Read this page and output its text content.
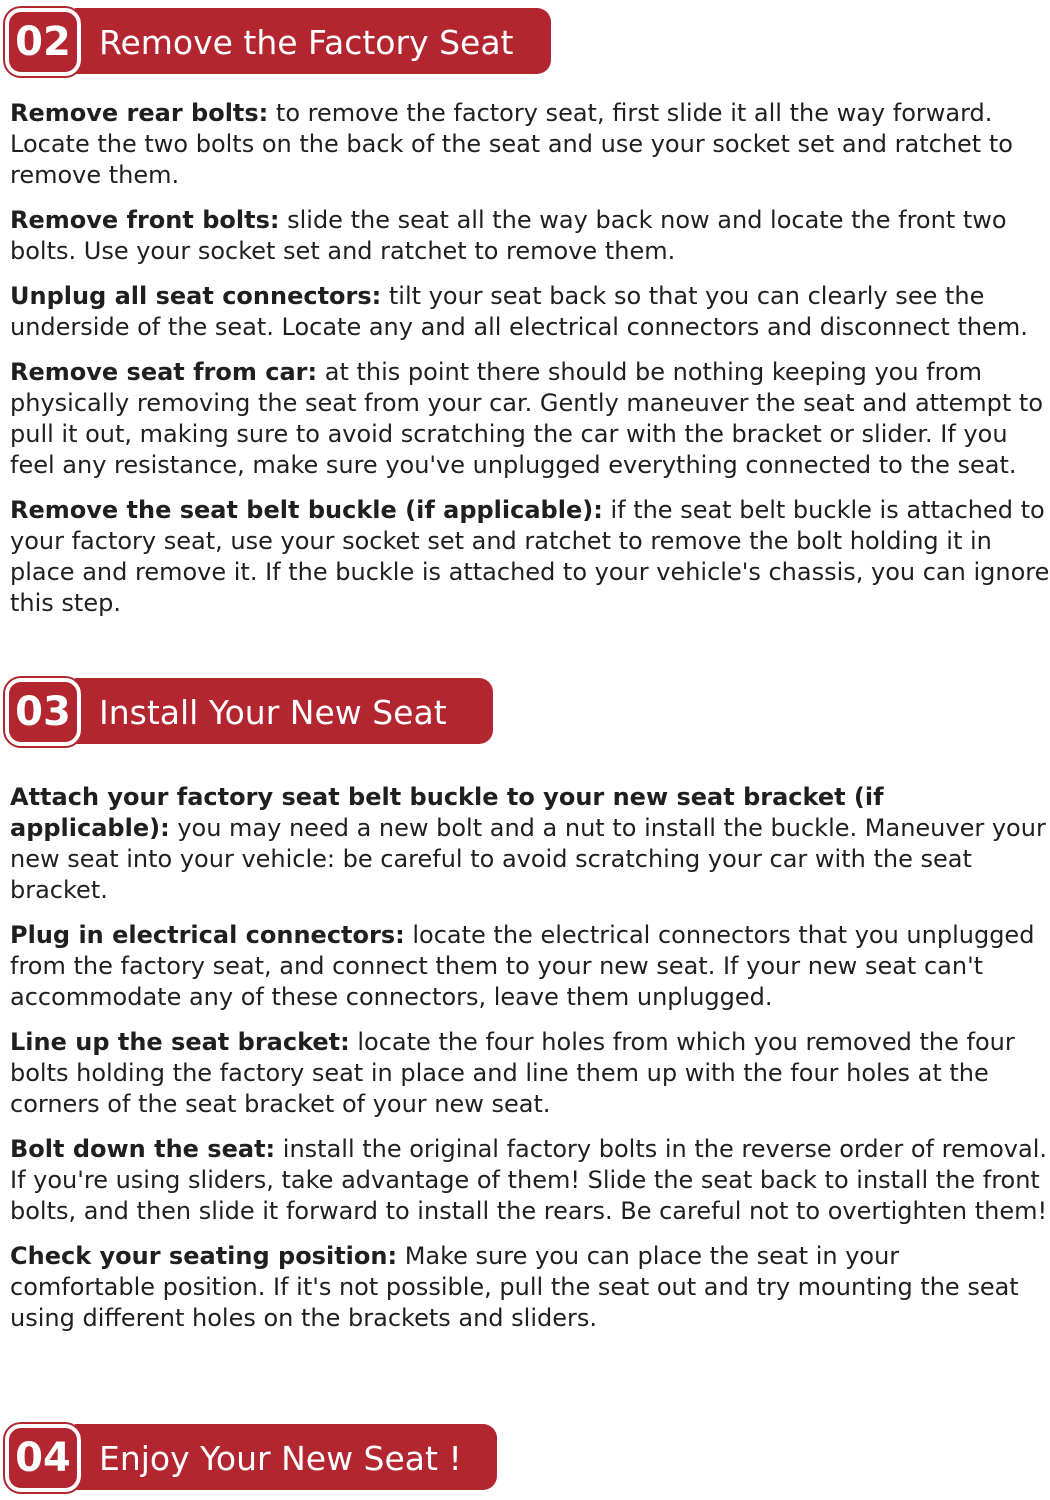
02 Remove the Factory Seat

Remove rear bolts: to remove the factory seat, first slide it all the way forward. Locate the two bolts on the back of the seat and use your socket set and ratchet to remove them.

Remove front bolts: slide the seat all the way back now and locate the front two bolts. Use your socket set and ratchet to remove them.

Unplug all seat connectors: tilt your seat back so that you can clearly see the underside of the seat. Locate any and all electrical connectors and disconnect them.

Remove seat from car: at this point there should be nothing keeping you from physically removing the seat from your car. Gently maneuver the seat and attempt to pull it out, making sure to avoid scratching the car with the bracket or slider. If you feel any resistance, make sure you've unplugged everything connected to the seat.

Remove the seat belt buckle (if applicable): if the seat belt buckle is attached to your factory seat, use your socket set and ratchet to remove the bolt holding it in place and remove it. If the buckle is attached to your vehicle's chassis, you can ignore this step.

03 Install Your New Seat

Attach your factory seat belt buckle to your new seat bracket (if applicable): you may need a new bolt and a nut to install the buckle. Maneuver your new seat into your vehicle: be careful to avoid scratching your car with the seat bracket.

Plug in electrical connectors: locate the electrical connectors that you unplugged from the factory seat, and connect them to your new seat. If your new seat can't accommodate any of these connectors, leave them unplugged.

Line up the seat bracket: locate the four holes from which you removed the four bolts holding the factory seat in place and line them up with the four holes at the corners of the seat bracket of your new seat.

Bolt down the seat: install the original factory bolts in the reverse order of removal. If you're using sliders, take advantage of them! Slide the seat back to install the front bolts, and then slide it forward to install the rears. Be careful not to overtighten them!

Check your seating position: Make sure you can place the seat in your comfortable position. If it's not possible, pull the seat out and try mounting the seat using different holes on the brackets and sliders.

04 Enjoy Your New Seat !
